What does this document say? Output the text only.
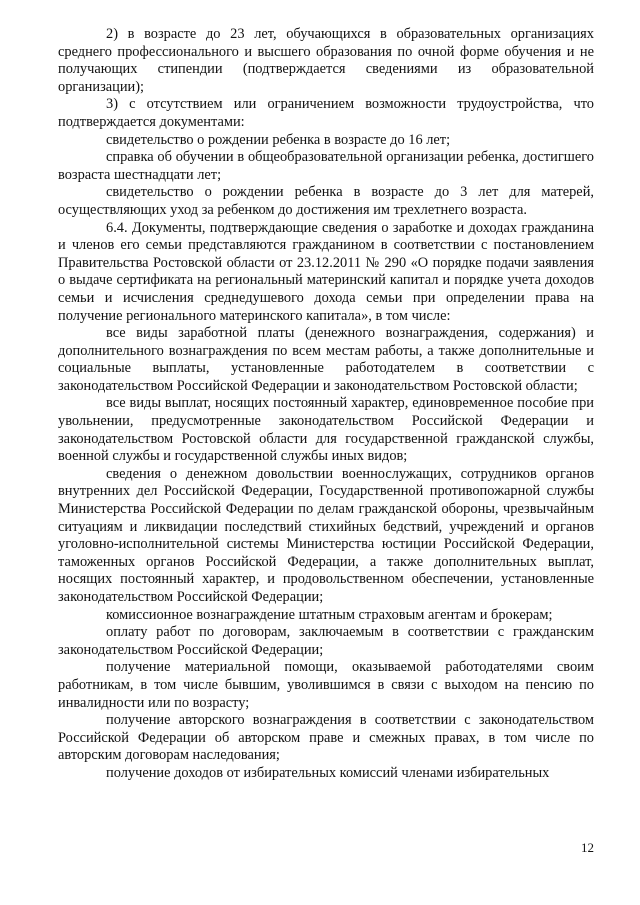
2) в возрасте до 23 лет, обучающихся в образовательных организациях среднего профессионального и высшего образования по очной форме обучения и не получающих стипендии (подтверждается сведениями из образовательной организации);

3) с отсутствием или ограничением возможности трудоустройства, что подтверждается документами:

свидетельство о рождении ребенка в возрасте до 16 лет;

справка об обучении в общеобразовательной организации ребенка, достигшего возраста шестнадцати лет;

свидетельство о рождении ребенка в возрасте до 3 лет для матерей, осуществляющих уход за ребенком до достижения им трехлетнего возраста.

6.4. Документы, подтверждающие сведения о заработке и доходах гражданина и членов его семьи представляются гражданином в соответствии с постановлением Правительства Ростовской области от 23.12.2011 № 290 «О порядке подачи заявления о выдаче сертификата на региональный материнский капитал и порядке учета доходов семьи и исчисления среднедушевого дохода семьи при определении права на получение регионального материнского капитала», в том числе:

все виды заработной платы (денежного вознаграждения, содержания) и дополнительного вознаграждения по всем местам работы, а также дополнительные и социальные выплаты, установленные работодателем в соответствии с законодательством Российской Федерации и законодательством Ростовской области;

все виды выплат, носящих постоянный характер, единовременное пособие при увольнении, предусмотренные законодательством Российской Федерации и законодательством Ростовской области для государственной гражданской службы, военной службы и государственной службы иных видов;

сведения о денежном довольствии военнослужащих, сотрудников органов внутренних дел Российской Федерации, Государственной противопожарной службы Министерства Российской Федерации по делам гражданской обороны, чрезвычайным ситуациям и ликвидации последствий стихийных бедствий, учреждений и органов уголовно-исполнительной системы Министерства юстиции Российской Федерации, таможенных органов Российской Федерации, а также дополнительных выплат, носящих постоянный характер, и продовольственном обеспечении, установленные законодательством Российской Федерации;

комиссионное вознаграждение штатным страховым агентам и брокерам;

оплату работ по договорам, заключаемым в соответствии с гражданским законодательством Российской Федерации;

получение материальной помощи, оказываемой работодателями своим работникам, в том числе бывшим, уволившимся в связи с выходом на пенсию по инвалидности или по возрасту;

получение авторского вознаграждения в соответствии с законодательством Российской Федерации об авторском праве и смежных правах, в том числе по авторским договорам наследования;

получение доходов от избирательных комиссий членами избирательных

12
